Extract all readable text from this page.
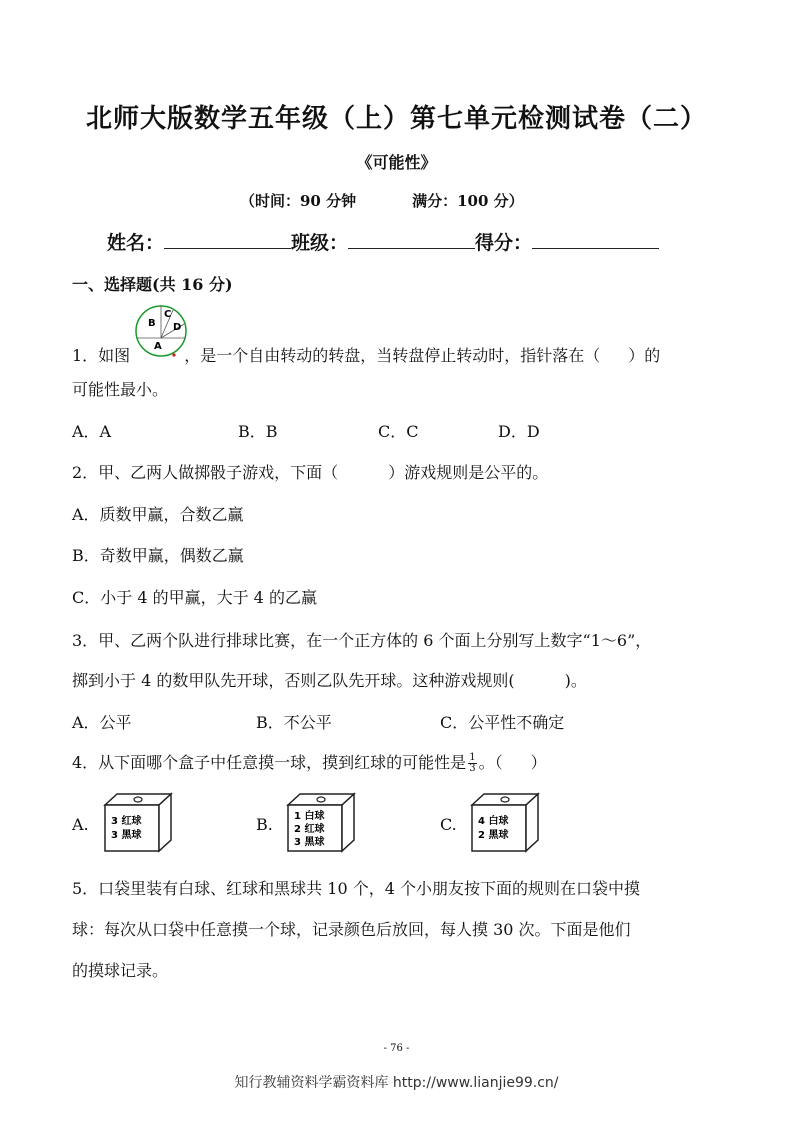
北师大版数学五年级（上）第七单元检测试卷（二）
《可能性》
（时间：90 分钟	满分：100 分）
姓名：	班级：	得分：
一、选择题(共 16 分)
B
C
D
A
1．如图	，是一个自由转动的转盘，当转盘停止转动时，指针落在（ ）的
可能性最小。
A．A	B．B	C．C	D．D
2．甲、乙两人做掷骰子游戏，下面（	）游戏规则是公平的。
A．质数甲赢，合数乙赢
B．奇数甲赢，偶数乙赢
C．小于 4 的甲赢，大于 4 的乙赢
3．甲、乙两个队进行排球比赛，在一个正方体的 6 个面上分别写上数字“1～6”，
掷到小于 4 的数甲队先开球，否则乙队先开球。这种游戏规则(	)。
A．公平	B．不公平	C．公平性不确定
4．从下面哪个盒子中任意摸一球，摸到红球的可能性是 $\frac{1}{3}$ 。（ ）
A. 3 红球
3 黑球
B. 1 白球
2 红球
3 黑球
C. 4 白球
2 黑球
5．口袋里装有白球、红球和黑球共 10 个，4 个小朋友按下面的规则在口袋中摸
球：每次从口袋中任意摸一个球，记录颜色后放回，每人摸 30 次。下面是他们
的摸球记录。
- 76 -
知行教辅资料学霸资料库 http://www.lianjie99.cn/
